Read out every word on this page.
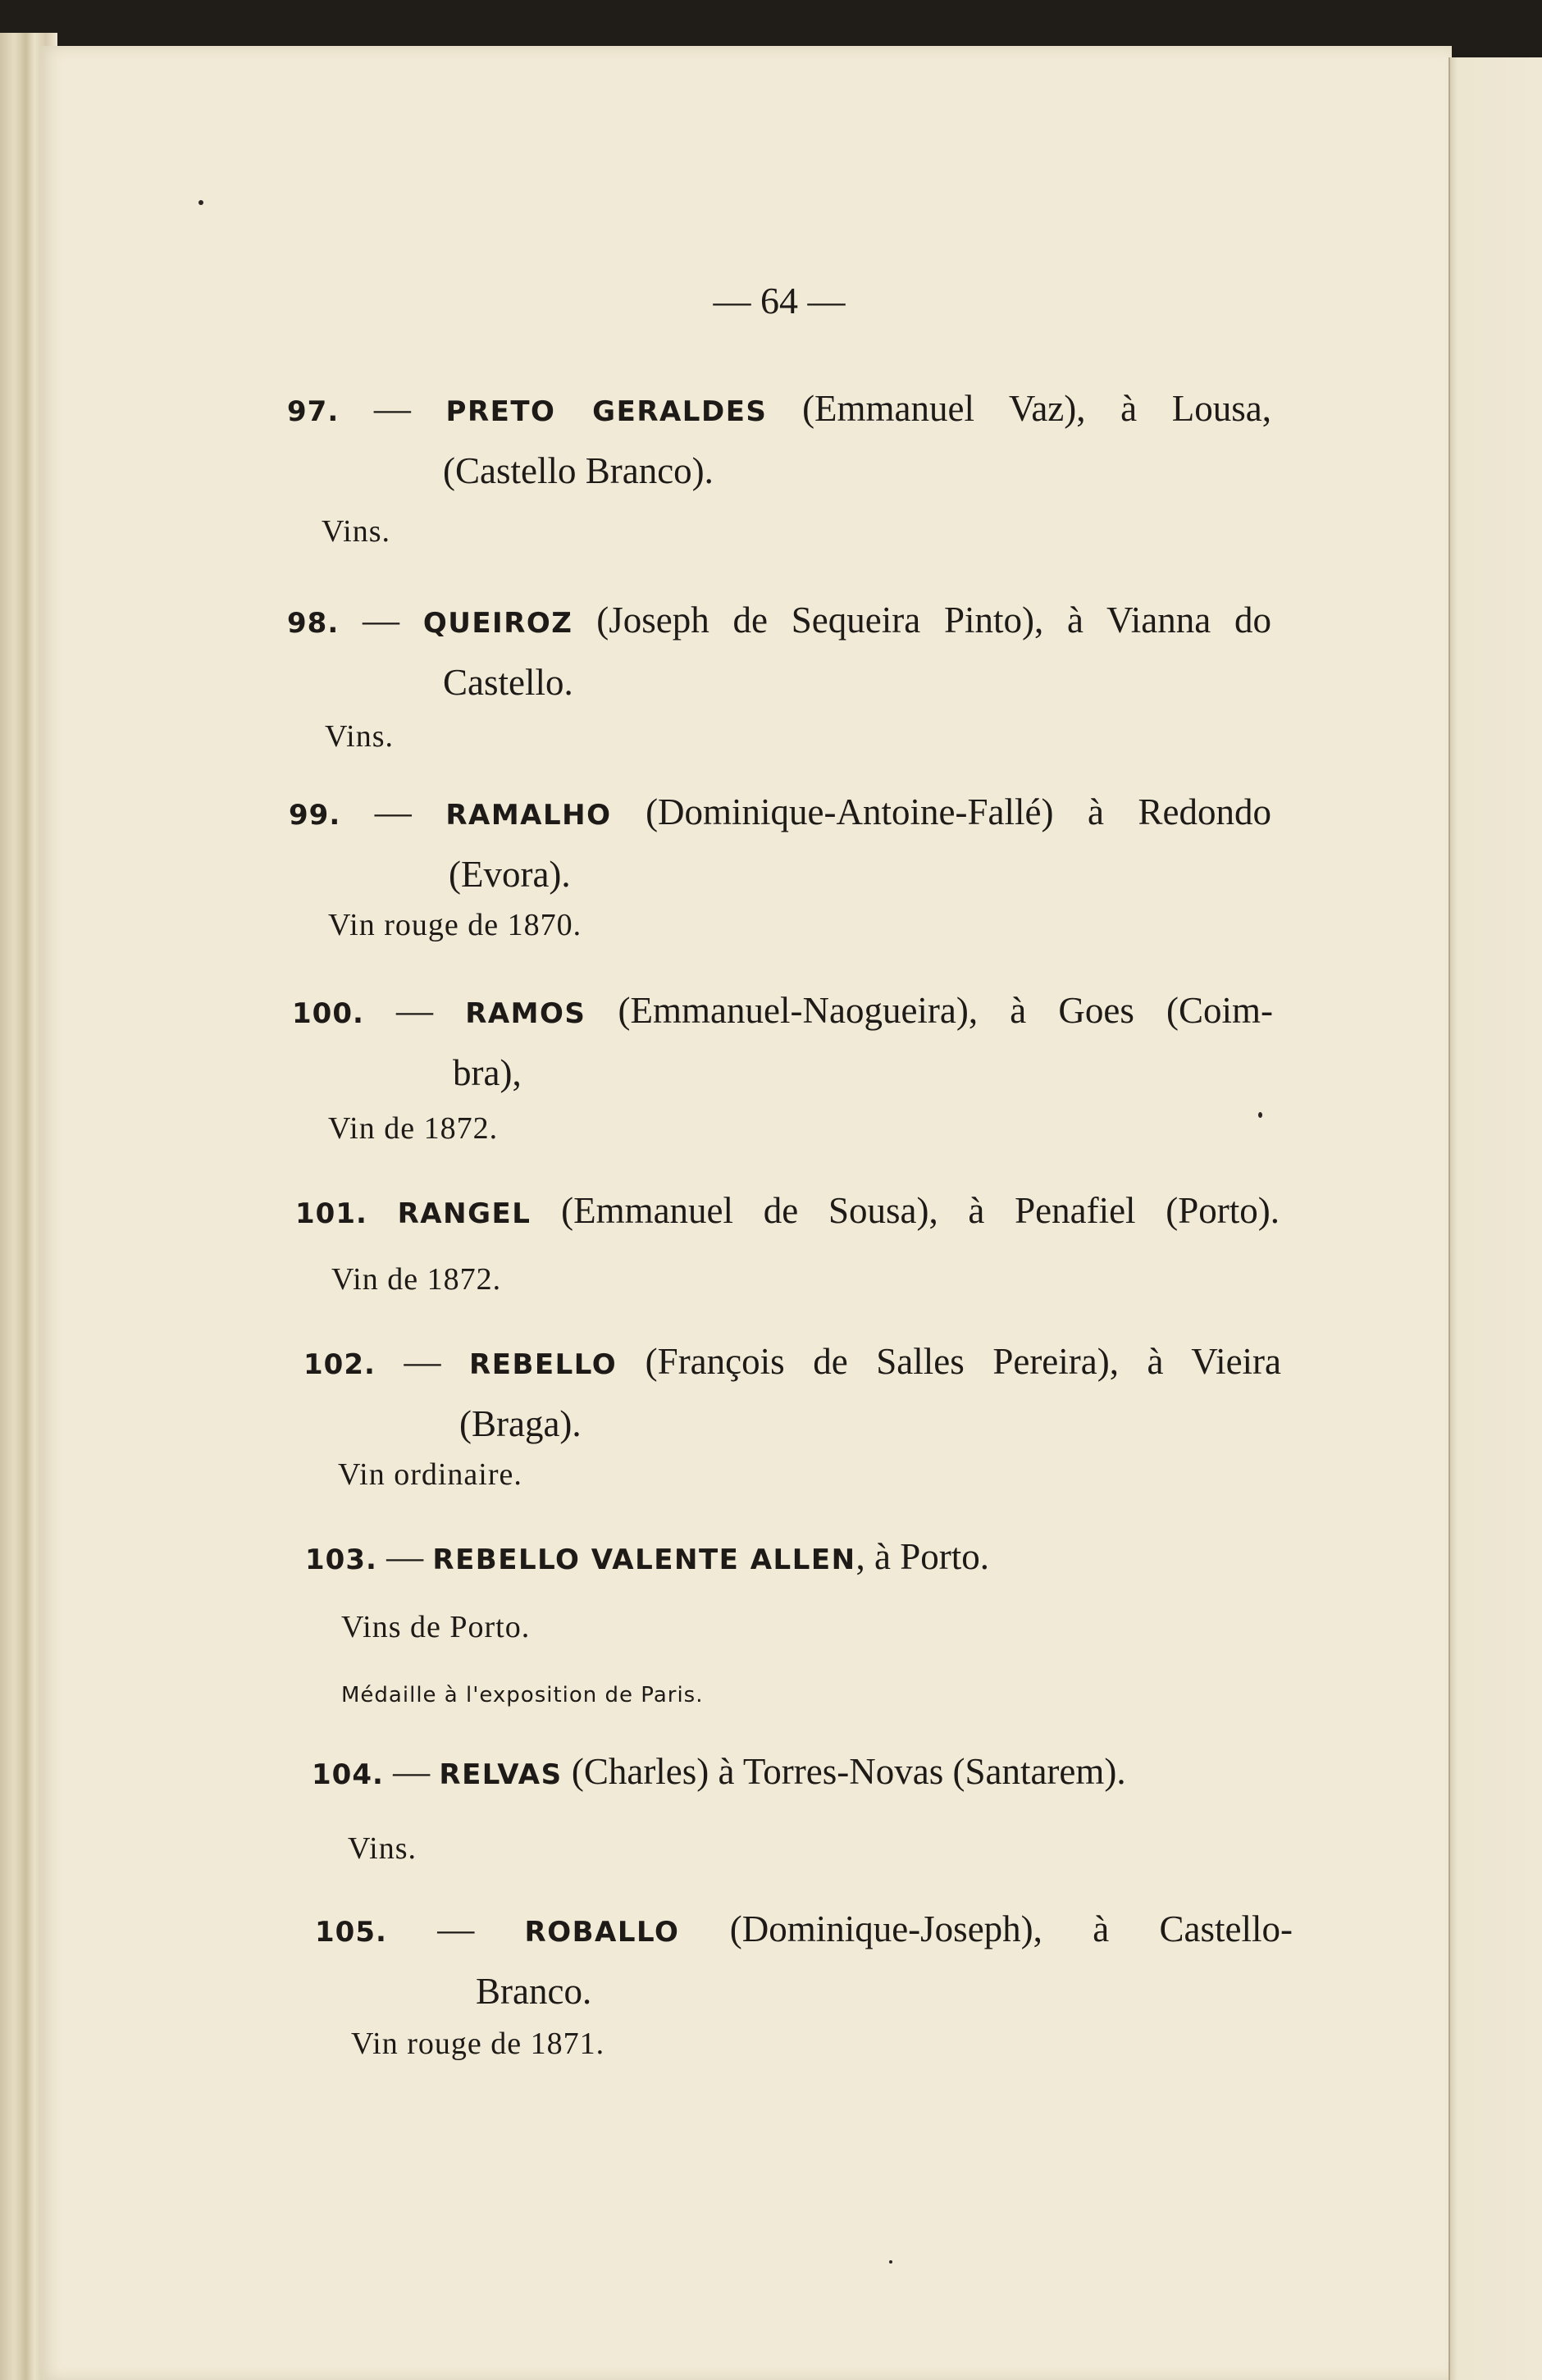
— 64 —
97. — PRETO GERALDES (Emmanuel Vaz), à Lousa,
(Castello Branco).
Vins.
98. — QUEIROZ (Joseph de Sequeira Pinto), à Vianna do
Castello.
Vins.
99. — RAMALHO (Dominique-Antoine-Fallé) à Redondo
(Evora).
Vin rouge de 1870.
100. — RAMOS (Emmanuel-Naogueira), à Goes (Coim-
bra),
Vin de 1872.
101. RANGEL (Emmanuel de Sousa), à Penafiel (Porto).
Vin de 1872.
102. — REBELLO (François de Salles Pereira), à Vieira
(Braga).
Vin ordinaire.
103. — REBELLO VALENTE ALLEN, à Porto.
Vins de Porto.
Médaille à l'exposition de Paris.
104. — RELVAS (Charles) à Torres-Novas (Santarem).
Vins.
105. — ROBALLO (Dominique-Joseph), à Castello-
Branco.
Vin rouge de 1871.
